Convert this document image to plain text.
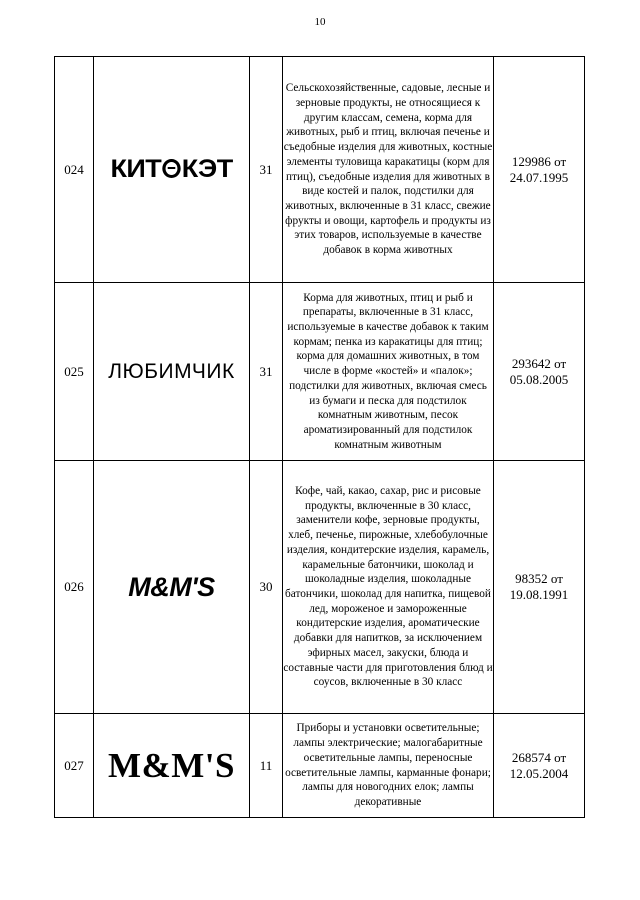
10
024	КИТ КЭТ	31	Сельскохозяйственные, садовые, лесные и зерновые продукты, не относящиеся к другим классам, семена, корма для животных, рыб и птиц, включая печенье и съедобные изделия для животных, костные элементы туловища каракатицы (корм для птиц), съедобные изделия для животных в виде костей и палок, подстилки для животных, включенные в 31 класс, свежие фрукты и овощи, картофель и продукты из этих товаров, используемые в качестве добавок в корма животных	129986 от
24.07.1995

025	ЛЮБИМЧИК	31	Корма для животных, птиц и рыб и препараты, включенные в 31 класс, используемые в качестве добавок к таким кормам; пенка из каракатицы для птиц; корма для домашних животных, в том числе в форме «костей» и «палок»; подстилки для животных, включая смесь из бумаги и песка для подстилок комнатным животным, песок ароматизированный для подстилок комнатным животным	293642 от
05.08.2005

026	M&M'S	30	Кофе, чай, какао, сахар, рис и рисовые продукты, включенные в 30 класс, заменители кофе, зерновые продукты, хлеб, печенье, пирожные, хлебобулочные изделия, кондитерские изделия, карамель, карамельные батончики, шоколад и шоколадные изделия, шоколадные батончики, шоколад для напитка, пищевой лед, мороженое и замороженные кондитерские изделия, ароматические добавки для напитков, за исключением эфирных масел, закуски, блюда и составные части для приготовления блюд и соусов, включенные в 30 класс	98352 от
19.08.1991

027	M&M'S	11	Приборы и установки осветительные; лампы электрические; малогабаритные осветительные лампы, переносные осветительные лампы, карманные фонари; лампы для новогодних елок; лампы декоративные	268574 от
12.05.2004
